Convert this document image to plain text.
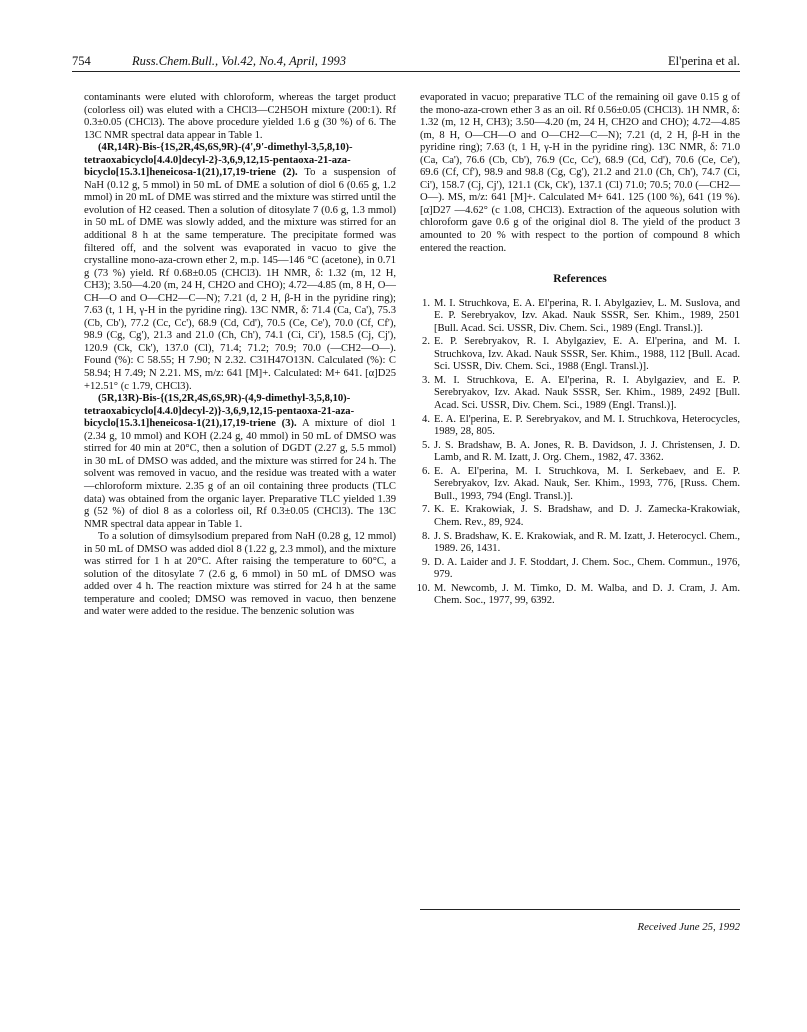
754	Russ.Chem.Bull., Vol.42, No.4, April, 1993	El'perina et al.

contaminants were eluted with chloroform, whereas the target product (colorless oil) was eluted with a CHCl3—C2H5OH mixture (200:1). Rf 0.3±0.05 (CHCl3). The above procedure yielded 1.6 g (30 %) of 6. The 13C NMR spectral data appear in Table 1.

(4R,14R)-Bis-{1S,2R,4S,6S,9R)-(4',9'-dimethyl-3,5,8,10)-tetraoxabicyclo[4.4.0]decyl-2}-3,6,9,12,15-pentaoxa-21-aza-bicyclo[15.3.1]heneicosa-1(21),17,19-triene (2). To a suspension of NaH (0.12 g, 5 mmol) in 50 mL of DME a solution of diol 6 (0.65 g, 1.2 mmol) in 20 mL of DME was stirred and the mixture was stirred until the evolution of H2 ceased. Then a solution of ditosylate 7 (0.6 g, 1.3 mmol) in 50 mL of DME was slowly added, and the mixture was stirred for an additional 8 h at the same temperature. The precipitate formed was filtered off, and the solvent was evaporated in vacuo to give the crystalline mono-aza-crown ether 2, m.p. 145—146 °C (acetone), in 0.71 g (73 %) yield. Rf 0.68±0.05 (CHCl3). 1H NMR, δ: 1.32 (m, 12 H, CH3); 3.50—4.20 (m, 24 H, CH2O and CHO); 4.72—4.85 (m, 8 H, O—CH—O and O—CH2—C—N); 7.21 (d, 2 H, β-H in the pyridine ring); 7.63 (t, 1 H, γ-H in the pyridine ring). 13C NMR, δ: 71.4 (Ca, Ca'), 75.3 (Cb, Cb'), 77.2 (Cc, Cc'), 68.9 (Cd, Cd'), 70.5 (Ce, Ce'), 70.0 (Cf, Cf'), 98.9 (Cg, Cg'), 21.3 and 21.0 (Ch, Ch'), 74.1 (Ci, Ci'), 158.5 (Cj, Cj'), 120.9 (Ck, Ck'), 137.0 (Cl), 71.4; 71.2; 70.9; 70.0 (—CH2—O—). Found (%): C 58.55; H 7.90; N 2.32. C31H47O13N. Calculated (%): C 58.94; H 7.49; N 2.21. MS, m/z: 641 [M]+. Calculated: M+ 641. [α]D25 +12.51° (c 1.79, CHCl3).

(5R,13R)-Bis-{(1S,2R,4S,6S,9R)-(4,9-dimethyl-3,5,8,10)-tetraoxabicyclo[4.4.0]decyl-2)}-3,6,9,12,15-pentaoxa-21-aza-bicyclo[15.3.1]heneicosa-1(21),17,19-triene (3). A mixture of diol 1 (2.34 g, 10 mmol) and KOH (2.24 g, 40 mmol) in 50 mL of DMSO was stirred for 40 min at 20°C, then a solution of DGDT (2.27 g, 5.5 mmol) in 30 mL of DMSO was added, and the mixture was stirred for 24 h. The solvent was removed in vacuo, and the residue was treated with a water—chloroform mixture. 2.35 g of an oil containing three products (TLC data) was obtained from the organic layer. Preparative TLC yielded 1.39 g (52 %) of diol 8 as a colorless oil, Rf 0.3±0.05 (CHCl3). The 13C NMR spectral data appear in Table 1.

To a solution of dimsylsodium prepared from NaH (0.28 g, 12 mmol) in 50 mL of DMSO was added diol 8 (1.22 g, 2.3 mmol), and the mixture was stirred for 1 h at 20°C. After raising the temperature to 60°C, a solution of the ditosylate 7 (2.6 g, 6 mmol) in 50 mL of DMSO was added over 4 h. The reaction mixture was stirred for 24 h at the same temperature and cooled; DMSO was removed in vacuo, then benzene and water were added to the residue. The benzenic solution was

evaporated in vacuo; preparative TLC of the remaining oil gave 0.15 g of the mono-aza-crown ether 3 as an oil. Rf 0.56±0.05 (CHCl3). 1H NMR, δ: 1.32 (m, 12 H, CH3); 3.50—4.20 (m, 24 H, CH2O and CHO); 4.72—4.85 (m, 8 H, O—CH—O and O—CH2—C—N); 7.21 (d, 2 H, β-H in the pyridine ring); 7.63 (t, 1 H, γ-H in the pyridine ring). 13C NMR, δ: 71.0 (Ca, Ca'), 76.6 (Cb, Cb'), 76.9 (Cc, Cc'), 68.9 (Cd, Cd'), 70.6 (Ce, Ce'), 69.6 (Cf, Cf'), 98.9 and 98.8 (Cg, Cg'), 21.2 and 21.0 (Ch, Ch'), 74.7 (Ci, Ci'), 158.7 (Cj, Cj'), 121.1 (Ck, Ck'), 137.1 (Cl) 71.0; 70.5; 70.0 (—CH2—O—). MS, m/z: 641 [M]+. Calculated M+ 641. 125 (100 %), 641 (19 %). [α]D27 —4.62° (c 1.08, CHCl3). Extraction of the aqueous solution with chloroform gave 0.6 g of the original diol 8. The yield of the product 3 amounted to 20 % with respect to the portion of compound 8 which entered the reaction.

References
1. M. I. Struchkova, E. A. El'perina, R. I. Abylgaziev, L. M. Suslova, and E. P. Serebryakov, Izv. Akad. Nauk SSSR, Ser. Khim., 1989, 2501 [Bull. Acad. Sci. USSR, Div. Chem. Sci., 1989 (Engl. Transl.)].
2. E. P. Serebryakov, R. I. Abylgaziev, E. A. El'perina, and M. I. Struchkova, Izv. Akad. Nauk SSSR, Ser. Khim., 1988, 112 [Bull. Acad. Sci. USSR, Div. Chem. Sci., 1988 (Engl. Transl.)].
3. M. I. Struchkova, E. A. El'perina, R. I. Abylgaziev, and E. P. Serebryakov, Izv. Akad. Nauk SSSR, Ser. Khim., 1989, 2492 [Bull. Acad. Sci. USSR, Div. Chem. Sci., 1989 (Engl. Transl.)].
4. E. A. El'perina, E. P. Serebryakov, and M. I. Struchkova, Heterocycles, 1989, 28, 805.
5. J. S. Bradshaw, B. A. Jones, R. B. Davidson, J. J. Christensen, J. D. Lamb, and R. M. Izatt, J. Org. Chem., 1982, 47. 3362.
6. E. A. El'perina, M. I. Struchkova, M. I. Serkebaev, and E. P. Serebryakov, Izv. Akad. Nauk, Ser. Khim., 1993, 776, [Russ. Chem. Bull., 1993, 794 (Engl. Transl.)].
7. K. E. Krakowiak, J. S. Bradshaw, and D. J. Zamecka-Krakowiak, Chem. Rev., 89, 924.
8. J. S. Bradshaw, K. E. Krakowiak, and R. M. Izatt, J. Heterocycl. Chem., 1989. 26, 1431.
9. D. A. Laider and J. F. Stoddart, J. Chem. Soc., Chem. Commun., 1976, 979.
10. M. Newcomb, J. M. Timko, D. M. Walba, and D. J. Cram, J. Am. Chem. Soc., 1977, 99, 6392.
Received June 25, 1992
